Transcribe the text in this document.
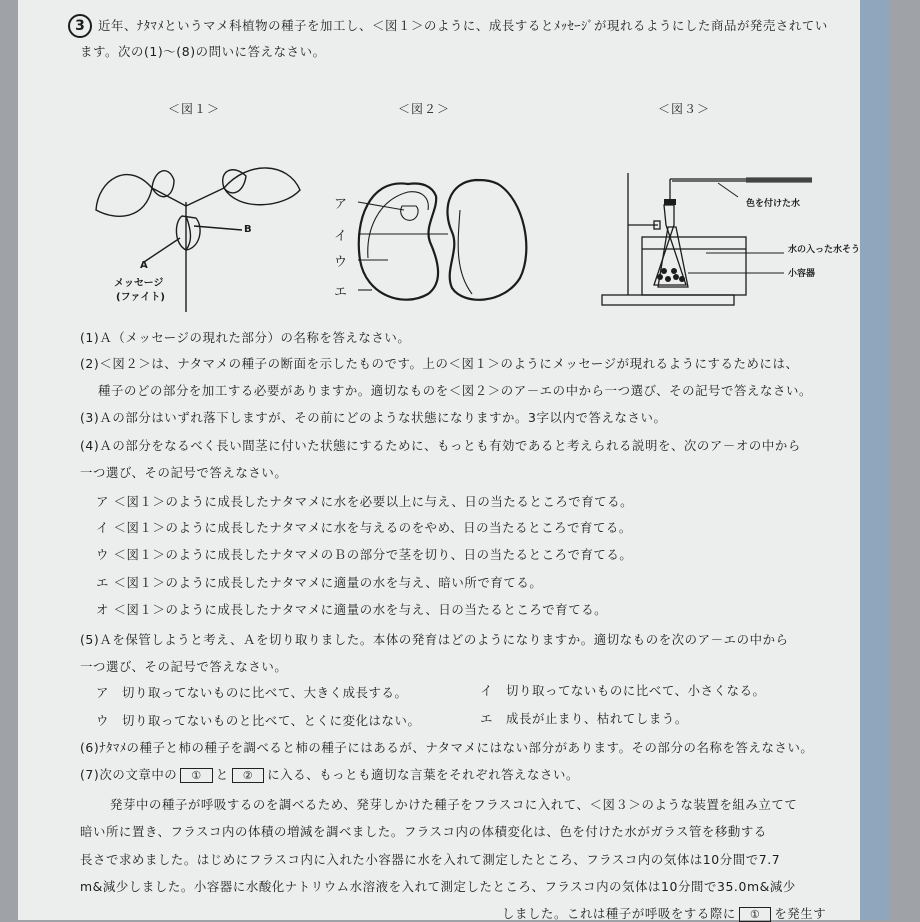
3	近年、ﾅﾀﾏﾒというマメ科植物の種子を加工し、＜図１＞のように、成長するとﾒｯｾｰｼﾞが現れるようにした商品が発売されてい
ます。次の(1)～(8)の問いに答えなさい。
＜図１＞	＜図２＞	＜図３＞
B
A
メッセージ
(ファイト)
ア
イ
ウ
エ
色を付けた水
水の入った水そう
小容器
(1)Ａ（メッセージの現れた部分）の名称を答えなさい。
(2)＜図２＞は、ナタマメの種子の断面を示したものです。上の＜図１＞のようにメッセージが現れるようにするためには、
種子のどの部分を加工する必要がありますか。適切なものを＜図２＞のア－エの中から一つ選び、その記号で答えなさい。
(3)Ａの部分はいずれ落下しますが、その前にどのような状態になりますか。3字以内で答えなさい。
(4)Ａの部分をなるべく長い間茎に付いた状態にするために、もっとも有効であると考えられる説明を、次のア－オの中から
一つ選び、その記号で答えなさい。
ア ＜図１＞のように成長したナタマメに水を必要以上に与え、日の当たるところで育てる。
イ ＜図１＞のように成長したナタマメに水を与えるのをやめ、日の当たるところで育てる。
ウ ＜図１＞のように成長したナタマメのＢの部分で茎を切り、日の当たるところで育てる。
エ ＜図１＞のように成長したナタマメに適量の水を与え、暗い所で育てる。
オ ＜図１＞のように成長したナタマメに適量の水を与え、日の当たるところで育てる。
(5)Ａを保管しようと考え、Ａを切り取りました。本体の発育はどのようになりますか。適切なものを次のア－エの中から
一つ選び、その記号で答えなさい。
ア　切り取ってないものに比べて、大きく成長する。	イ　切り取ってないものに比べて、小さくなる。
ウ　切り取ってないものと比べて、とくに変化はない。	エ　成長が止まり、枯れてしまう。
(6)ﾅﾀﾏﾒの種子と柿の種子を調べると柿の種子にはあるが、ナタマメにはない部分があります。その部分の名称を答えなさい。
(7)次の文章中の ① と ② に入る、もっとも適切な言葉をそれぞれ答えなさい。
発芽中の種子が呼吸するのを調べるため、発芽しかけた種子をフラスコに入れて、＜図３＞のような装置を組み立てて
暗い所に置き、フラスコ内の体積の増減を調べました。フラスコ内の体積変化は、色を付けた水がガラス管を移動する
長さで求めました。はじめにフラスコ内に入れた小容器に水を入れて測定したところ、フラスコ内の気体は10分間で7.7
m&減少しました。小容器に水酸化ナトリウム水溶液を入れて測定したところ、フラスコ内の気体は10分間で35.0m&減少
しました。これは種子が呼吸をする際に ① を発生す
